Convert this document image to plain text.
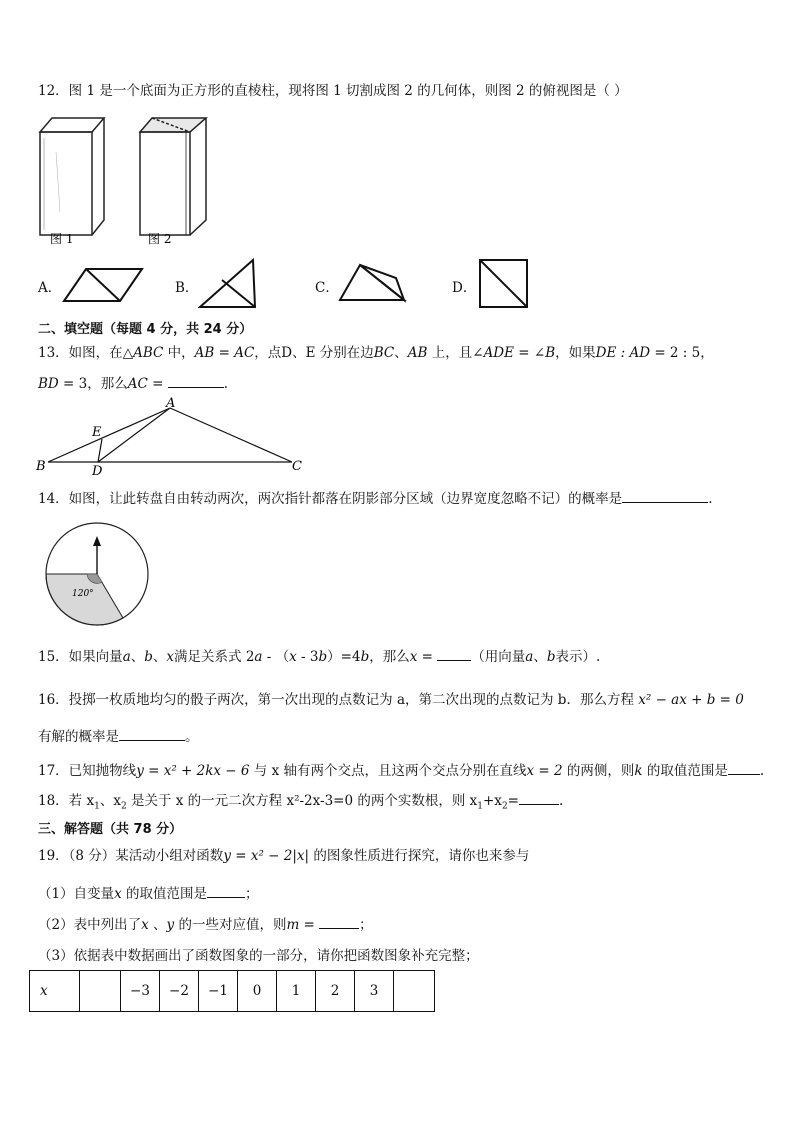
12．图 1 是一个底面为正方形的直棱柱，现将图 1 切割成图 2 的几何体，则图 2 的俯视图是（ ）
图 1	图 2
A．	B．	C．	D．
二、填空题（每题 4 分，共 24 分）
13．如图，在△ABC 中，AB = AC，点D、E 分别在边BC、AB 上，且∠ADE = ∠B，如果DE : AD = 2 : 5，
BD = 3，那么AC =	.
A
B	C
D
E
14．如图，让此转盘自由转动两次，两次指针都落在阴影部分区域（边界宽度忽略不记）的概率是	.
120°
15．如果向量a、b、x满足关系式 2a - （x - 3b）=4b，那么x =	（用向量a、b表示）.
16．投掷一枚质地均匀的骰子两次，第一次出现的点数记为 a，第二次出现的点数记为 b．那么方程 x² − ax + b = 0
有解的概率是	。
17．已知抛物线y = x² + 2kx − 6 与 x 轴有两个交点，且这两个交点分别在直线x = 2 的两侧，则k 的取值范围是 .
18．若 $x_1$、$x_2$ 是关于 x 的一元二次方程 x²-2x-3=0 的两个实数根，则 $x_1+x_2=$	.
三、解答题（共 78 分）
19．（8 分）某活动小组对函数y = x² − 2|x| 的图象性质进行探究，请你也来参与
（1）自变量x 的取值范围是	；
（2）表中列出了x 、y 的一些对应值，则m =	；
（3）依据表中数据画出了函数图象的一部分，请你把函数图象补充完整；
x		−3	−2	−1	0	1	2	3	
